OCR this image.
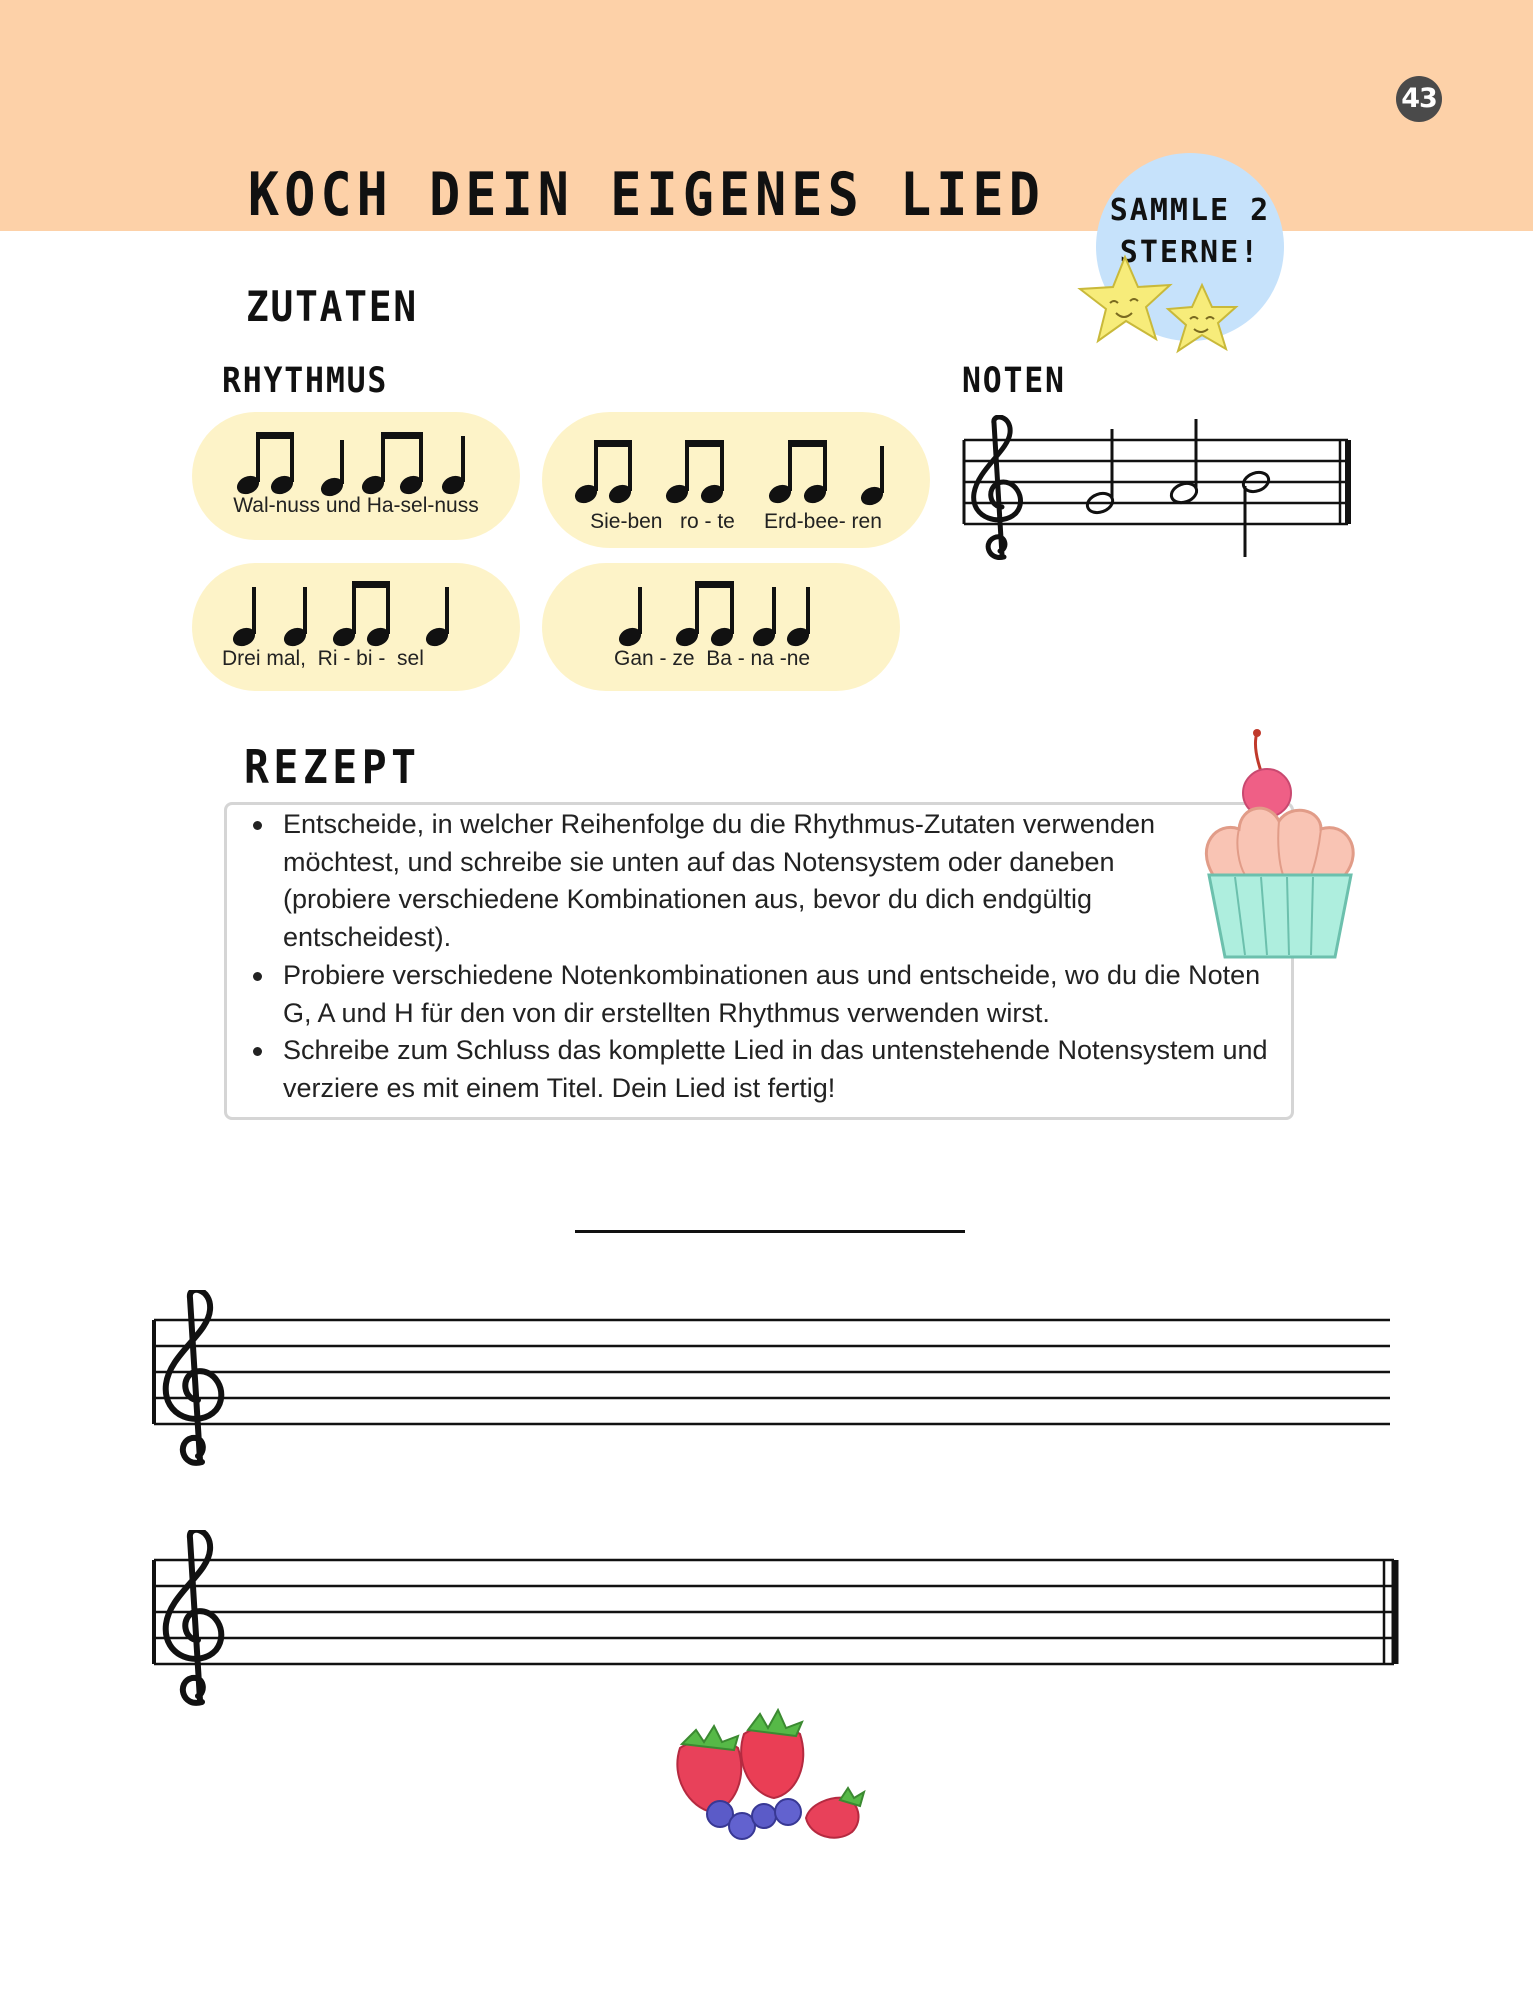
43
KOCH DEIN EIGENES LIED	SAMMLE 2
STERNE!
ZUTATEN
RHYTHMUS	NOTEN
Wal-nuss und Ha-sel-nuss
Sie-ben   ro - te     Erd-bee- ren
Drei mal,  Ri - bi -  sel	Gan - ze  Ba - na -ne
REZEPT
Entscheide, in welcher Reihenfolge du die Rhythmus-Zutaten verwenden möchtest, und schreibe sie unten auf das Notensystem oder daneben (probiere verschiedene Kombinationen aus, bevor du dich endgültig entscheidest).
Probiere verschiedene Notenkombinationen aus und entscheide, wo du die Noten G, A und H für den von dir erstellten Rhythmus verwenden wirst.
Schreibe zum Schluss das komplette Lied in das untenstehende Notensystem und verziere es mit einem Titel. Dein Lied ist fertig!
